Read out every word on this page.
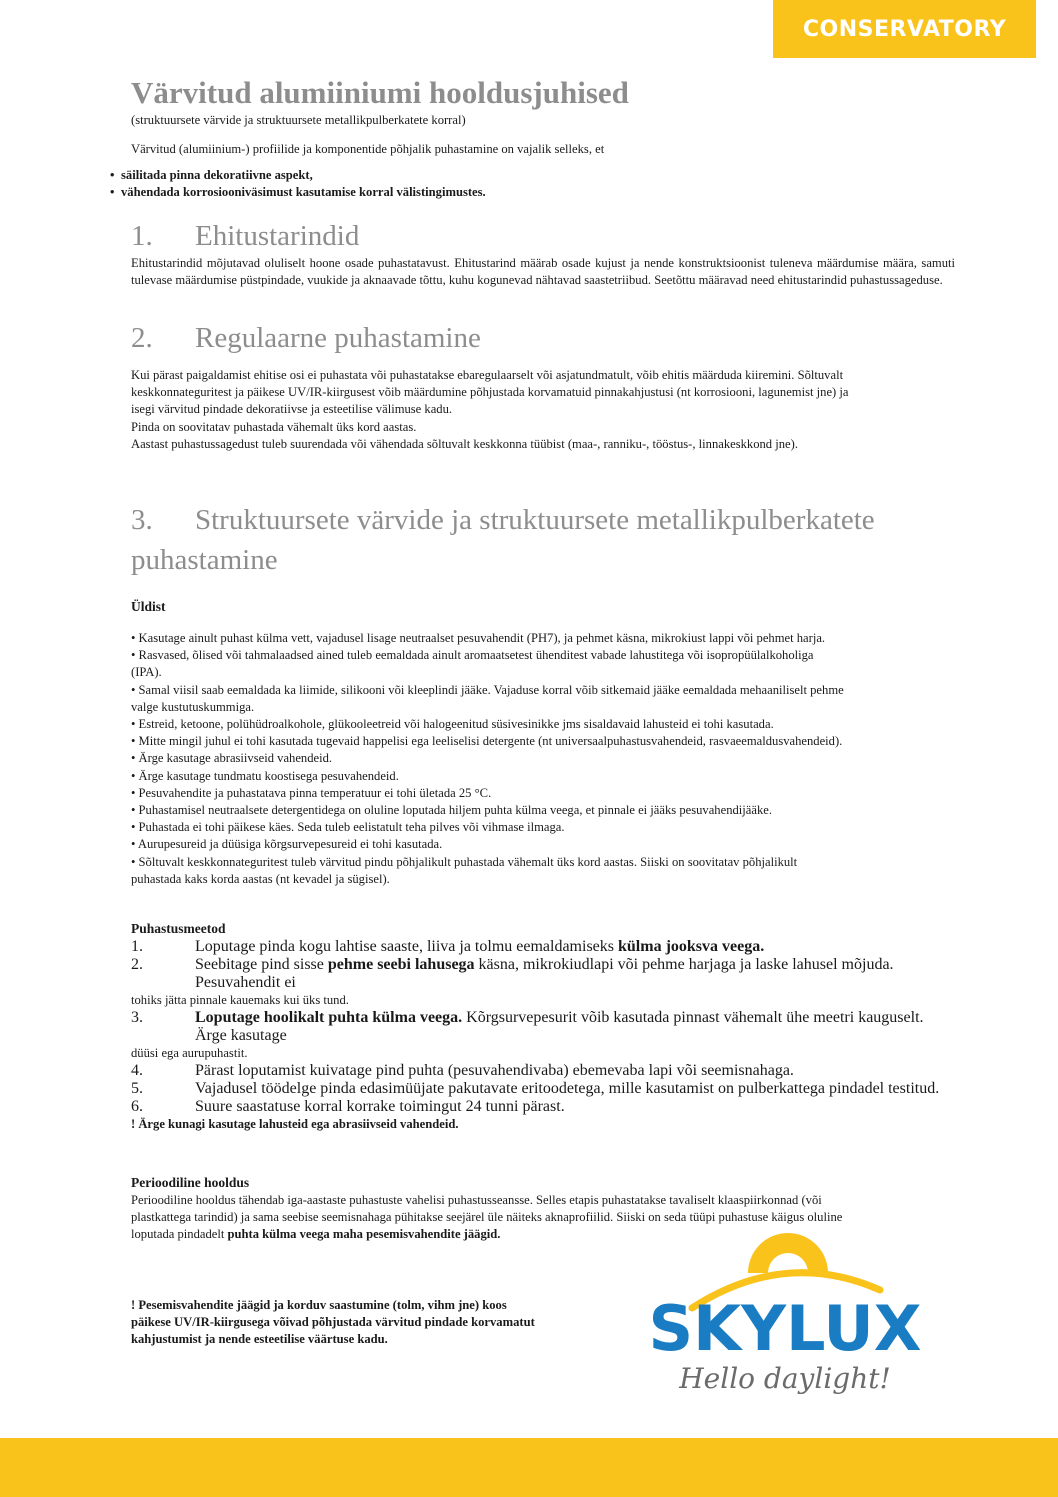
CONSERVATORY
Värvitud alumiiniumi hooldusjuhised

(struktuursete värvide ja struktuursete metallikpulberkatete korral)

Värvitud (alumiinium-) profiilide ja komponentide põhjalik puhastamine on vajalik selleks, et

• säilitada pinna dekoratiivne aspekt,
• vähendada korrosiooniväsimust kasutamise korral välistingimustes.
1. Ehitustarindid

Ehitustarindid mõjutavad oluliselt hoone osade puhastatavust. Ehitustarind määrab osade kujust ja nende konstruktsioonist tuleneva määrdumise määra, samuti tulevase määrdumise püstpindade, vuukide ja aknaavade tõttu, kuhu kogunevad nähtavad saastetriibud. Seetõttu määravad need ehitustarindid puhastussageduse.

2. Regulaarne puhastamine
Kui pärast paigaldamist ehitise osi ei puhastata või puhastatakse ebaregulaarselt või asjatundmatult, võib ehitis määrduda kiiremini. Sõltuvalt
keskkonnateguritest ja päikese UV/IR-kiirgusest võib määrdumine põhjustada korvamatuid pinnakahjustusi (nt korrosiooni, lagunemist jne) ja
isegi värvitud pindade dekoratiivse ja esteetilise välimuse kadu.
Pinda on soovitatav puhastada vähemalt üks kord aastas.
Aastast puhastussagedust tuleb suurendada või vähendada sõltuvalt keskkonna tüübist (maa-, ranniku-, tööstus-, linnakeskkond jne).
3. Struktuursete värvide ja struktuursete metallikpulberkatete
puhastamine
Üldist
• Kasutage ainult puhast külma vett, vajadusel lisage neutraalset pesuvahendit (PH7), ja pehmet käsna, mikrokiust lappi või pehmet harja.
• Rasvased, õlised või tahmalaadsed ained tuleb eemaldada ainult aromaatsetest ühenditest vabade lahustitega või isopropüülalkoholiga
(IPA).
• Samal viisil saab eemaldada ka liimide, silikooni või kleeplindi jääke. Vajaduse korral võib sitkemaid jääke eemaldada mehaaniliselt pehme
valge kustutuskummiga.
• Estreid, ketoone, polühüdroalkohole, glükooleetreid või halogeenitud süsivesinikke jms sisaldavaid lahusteid ei tohi kasutada.
• Mitte mingil juhul ei tohi kasutada tugevaid happelisi ega leeliselisi detergente (nt universaalpuhastusvahendeid, rasvaeemaldusvahendeid).
• Ärge kasutage abrasiivseid vahendeid.
• Ärge kasutage tundmatu koostisega pesuvahendeid.
• Pesuvahendite ja puhastatava pinna temperatuur ei tohi ületada 25 °C.
• Puhastamisel neutraalsete detergentidega on oluline loputada hiljem puhta külma veega, et pinnale ei jääks pesuvahendijääke.
• Puhastada ei tohi päikese käes. Seda tuleb eelistatult teha pilves või vihmase ilmaga.
• Aurupesureid ja düüsiga kõrgsurvepesureid ei tohi kasutada.
• Sõltuvalt keskkonnateguritest tuleb värvitud pindu põhjalikult puhastada vähemalt üks kord aastas. Siiski on soovitatav põhjalikult
puhastada kaks korda aastas (nt kevadel ja sügisel).
Puhastusmeetod
1.	Loputage pinda kogu lahtise saaste, liiva ja tolmu eemaldamiseks külma jooksva veega.
2.	Seebitage pind sisse pehme seebi lahusega käsna, mikrokiudlapi või pehme harjaga ja laske lahusel mõjuda. Pesuvahendit ei
tohiks jätta pinnale kauemaks kui üks tund.
3.	Loputage hoolikalt puhta külma veega. Kõrgsurvepesurit võib kasutada pinnast vähemalt ühe meetri kauguselt. Ärge kasutage
düüsi ega aurupuhastit.
4.	Pärast loputamist kuivatage pind puhta (pesuvahendivaba) ebemevaba lapi või seemisnahaga.
5.	Vajadusel töödelge pinda edasimüüjate pakutavate eritoodetega, mille kasutamist on pulberkattega pindadel testitud.
6.	Suure saastatuse korral korrake toimingut 24 tunni pärast.
! Ärge kunagi kasutage lahusteid ega abrasiivseid vahendeid.
Perioodiline hooldus
Perioodiline hooldus tähendab iga-aastaste puhastuste vahelisi puhastusseansse. Selles etapis puhastatakse tavaliselt klaaspiirkonnad (või
plastkattega tarindid) ja sama seebise seemisnahaga pühitakse seejärel üle näiteks aknaprofiilid. Siiski on seda tüüpi puhastuse käigus oluline
loputada pindadelt puhta külma veega maha pesemisvahendite jäägid.
! Pesemisvahendite jäägid ja korduv saastumine (tolm, vihm jne) koos
päikese UV/IR-kiirgusega võivad põhjustada värvitud pindade korvamatut
kahjustumist ja nende esteetilise väärtuse kadu.	SKYLUX
Hello daylight!
